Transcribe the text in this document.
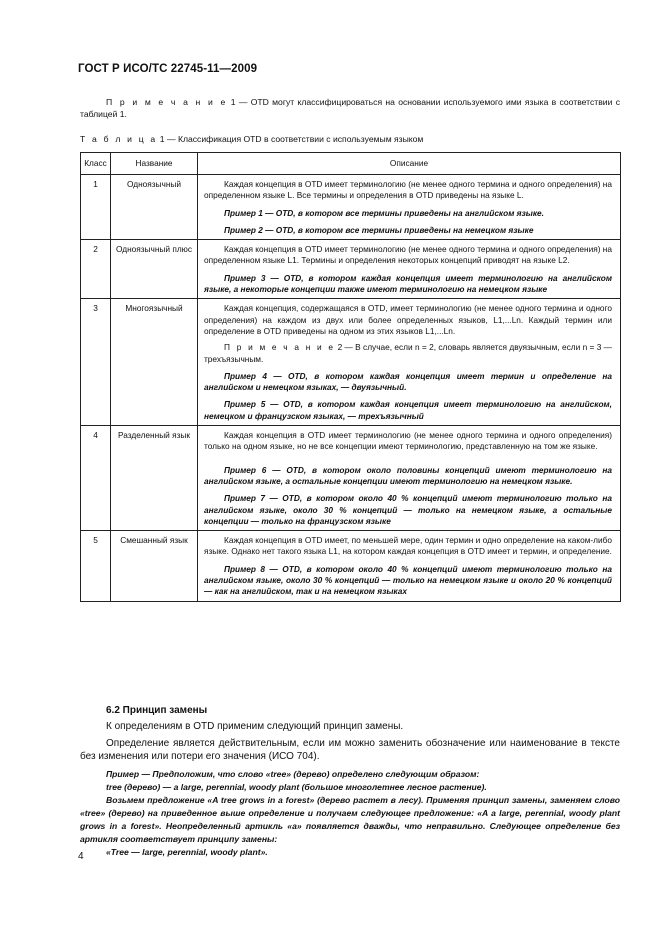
ГОСТ Р ИСО/ТС 22745-11—2009
П р и м е ч а н и е 1 — OTD могут классифицироваться на основании используемого ими языка в соответствии с таблицей 1.
Т а б л и ц а 1 — Классификация OTD в соответствии с используемым языком
Класс	Название	Описание
1	Одноязычный	Каждая концепция в OTD имеет терминологию (не менее одного термина и одного определения) на определенном языке L. Все термины и определения в OTD приведены на языке L.

Пример 1 — OTD, в котором все термины приведены на английском языке.

Пример 2 — OTD, в котором все термины приведены на немецком языке

2	Одноязычный плюс	Каждая концепция в OTD имеет терминологию (не менее одного термина и одного определения) на определенном языке L1. Термины и определения некоторых концепций приводят на языке L2.

Пример 3 — OTD, в котором каждая концепция имеет терминологию на английском языке, а некоторые концепции также имеют терминологию на немецком языке

3	Многоязычный	Каждая концепция, содержащаяся в OTD, имеет терминологию (не менее одного термина и одного определения) на каждом из двух или более определенных языков, L1,...Ln. Каждый термин или определение в OTD приведены на одном из этих языков L1,...Ln.

П р и м е ч а н и е 2 — В случае, если n = 2, словарь является двуязычным, если n = 3 — трехъязычным.

Пример 4 — OTD, в котором каждая концепция имеет термин и определение на английском и немецком языках, — двуязычный.

Пример 5 — OTD, в котором каждая концепция имеет терминологию на английском, немецком и французском языках, — трехъязычный

4	Разделенный язык	Каждая концепция в OTD имеет терминологию (не менее одного термина и одного определения) только на одном языке, но не все концепции имеют терминологию, представленную на том же языке.

Пример 6 — OTD, в котором около половины концепций имеют терминологию на английском языке, а остальные концепции имеют терминологию на немецком языке.

Пример 7 — OTD, в котором около 40 % концепций имеют терминологию только на английском языке, около 30 % концепций — только на немецком языке, а остальные концепции — только на французском языке

5	Смешанный язык	Каждая концепция в OTD имеет, по меньшей мере, один термин и одно определение на каком-либо языке. Однако нет такого языка L1, на котором каждая концепция в OTD имеет и термин, и определение.

Пример 8 — OTD, в котором около 40 % концепций имеют терминологию только на английском языке, около 30 % концепций — только на немецком языке и около 20 % концепций — как на английском, так и на немецком языках

6.2 Принцип замены

К определениям в OTD применим следующий принцип замены.

Определение является действительным, если им можно заменить обозначение или наименование в тексте без изменения или потери его значения (ИСО 704).

Пример — Предположим, что слово «tree» (дерево) определено следующим образом:

tree (дерево) — a large, perennial, woody plant (большое многолетнее лесное растение).

Возьмем предложение «A tree grows in a forest» (дерево растет в лесу). Применяя принцип замены, заменяем слово «tree» (дерево) на приведенное выше определение и получаем следующее предложение: «A a large, perennial, woody plant grows in a forest». Неопределенный артикль «a» появляется дважды, что неправильно. Следующее определение без артикля соответствует принципу замены:

«Tree — large, perennial, woody plant».

4
